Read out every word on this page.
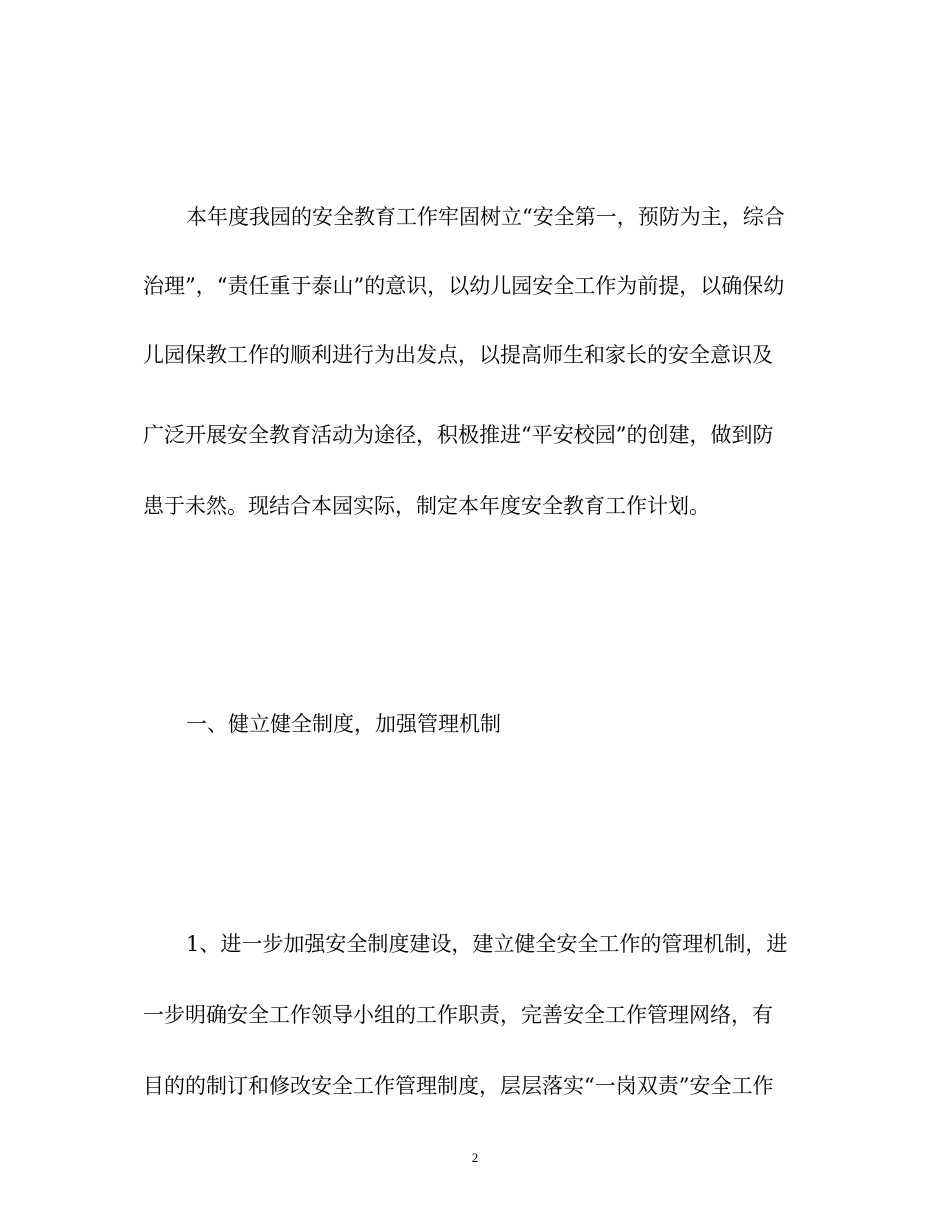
本年度我园的安全教育工作牢固树立“安全第一，预防为主，综合
治理”，“责任重于泰山”的意识，以幼儿园安全工作为前提，以确保幼
儿园保教工作的顺利进行为出发点，以提高师生和家长的安全意识及
广泛开展安全教育活动为途径，积极推进“平安校园”的创建，做到防
患于未然。现结合本园实际，制定本年度安全教育工作计划。
一、健立健全制度，加强管理机制
1、进一步加强安全制度建设，建立健全安全工作的管理机制，进
一步明确安全工作领导小组的工作职责，完善安全工作管理网络，有
目的的制订和修改安全工作管理制度，层层落实“一岗双责”安全工作
2
